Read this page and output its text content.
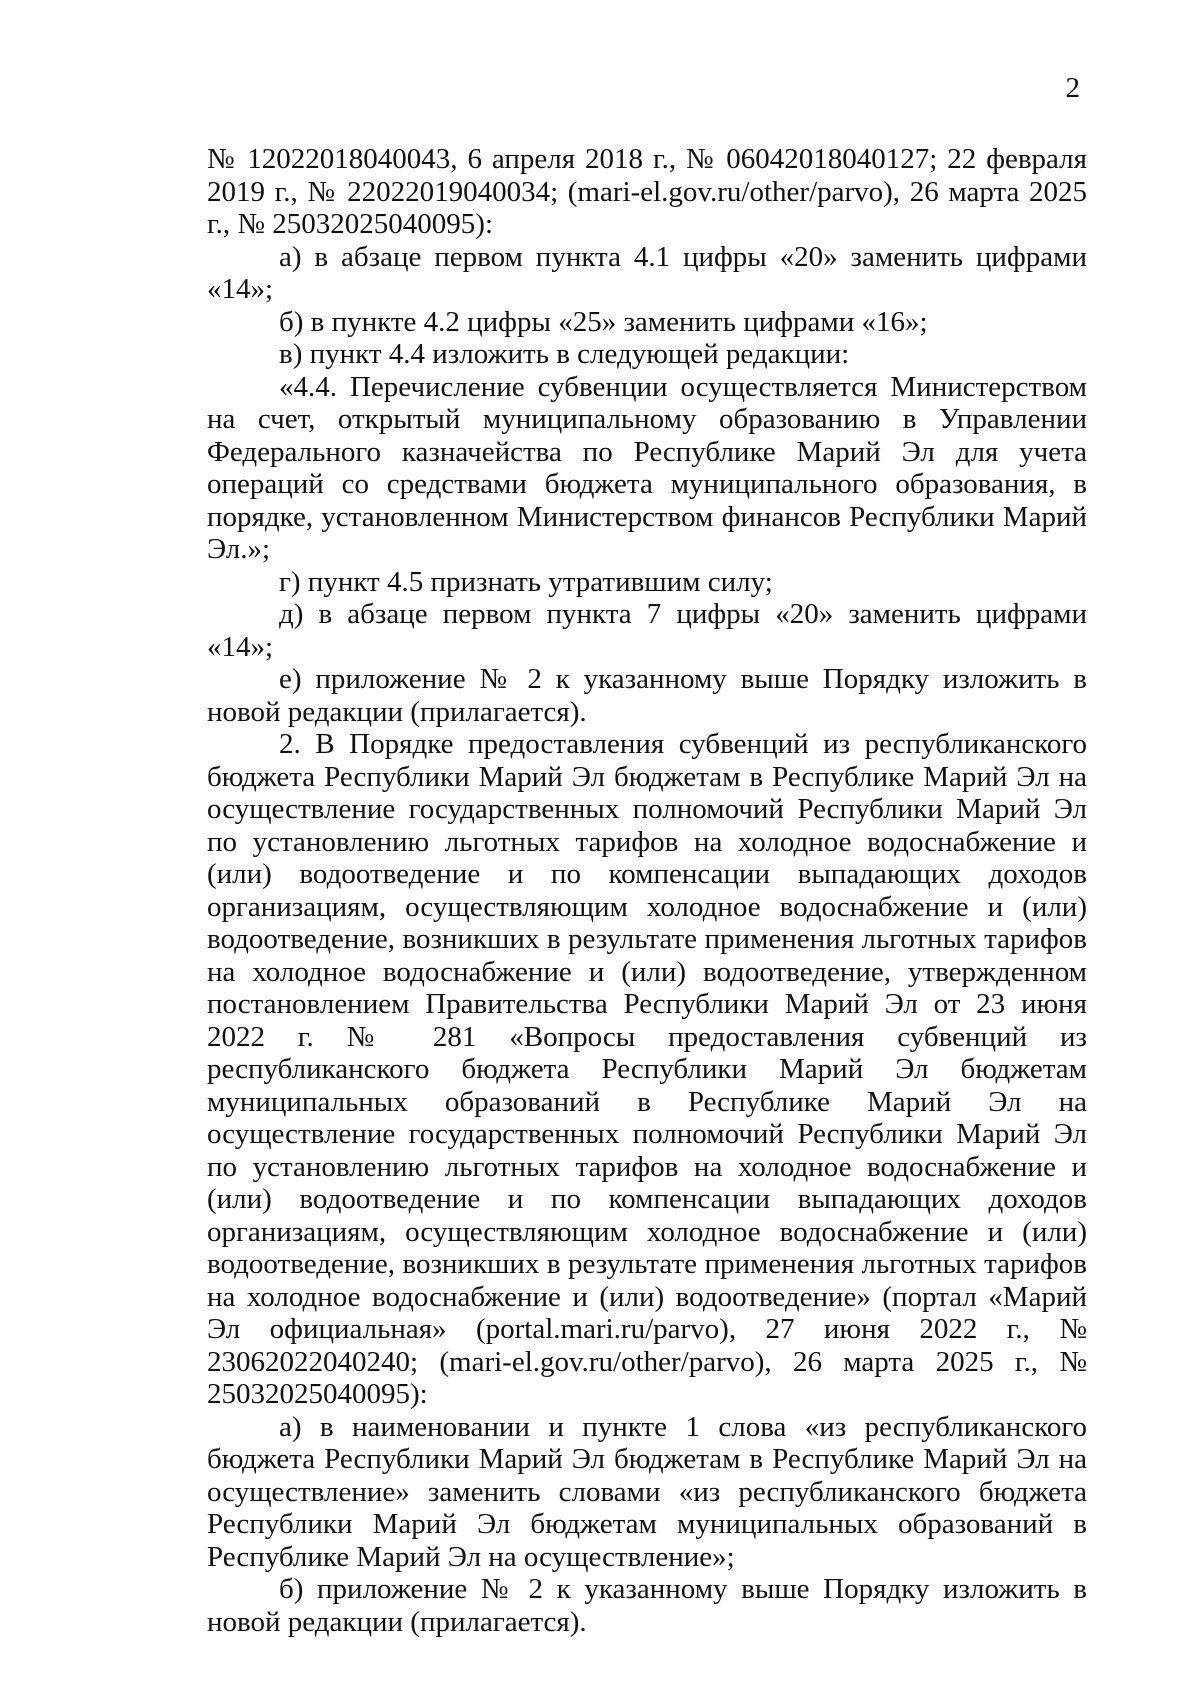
2

№ 12022018040043, 6 апреля 2018 г., № 06042018040127; 22 февраля 2019 г., № 22022019040034; (mari-el.gov.ru/other/parvo), 26 марта 2025 г., № 25032025040095):

а) в абзаце первом пункта 4.1 цифры «20» заменить цифрами «14»;

б) в пункте 4.2 цифры «25» заменить цифрами «16»;

в) пункт 4.4 изложить в следующей редакции:

«4.4. Перечисление субвенции осуществляется Министерством на счет, открытый муниципальному образованию в Управлении Федерального казначейства по Республике Марий Эл для учета операций со средствами бюджета муниципального образования, в порядке, установленном Министерством финансов Республики Марий Эл.»;

г) пункт 4.5 признать утратившим силу;

д) в абзаце первом пункта 7 цифры «20» заменить цифрами «14»;

е) приложение № 2 к указанному выше Порядку изложить в новой редакции (прилагается).

2. В Порядке предоставления субвенций из республиканского бюджета Республики Марий Эл бюджетам в Республике Марий Эл на осуществление государственных полномочий Республики Марий Эл по установлению льготных тарифов на холодное водоснабжение и (или) водоотведение и по компенсации выпадающих доходов организациям, осуществляющим холодное водоснабжение и (или) водоотведение, возникших в результате применения льготных тарифов на холодное водоснабжение и (или) водоотведение, утвержденном постановлением Правительства Республики Марий Эл от 23 июня 2022 г. № 281 «Вопросы предоставления субвенций из республиканского бюджета Республики Марий Эл бюджетам муниципальных образований в Республике Марий Эл на осуществление государственных полномочий Республики Марий Эл по установлению льготных тарифов на холодное водоснабжение и (или) водоотведение и по компенсации выпадающих доходов организациям, осуществляющим холодное водоснабжение и (или) водоотведение, возникших в результате применения льготных тарифов на холодное водоснабжение и (или) водоотведение» (портал «Марий Эл официальная» (portal.mari.ru/parvo), 27 июня 2022 г., № 23062022040240; (mari-el.gov.ru/other/parvo), 26 марта 2025 г., № 25032025040095):

а) в наименовании и пункте 1 слова «из республиканского бюджета Республики Марий Эл бюджетам в Республике Марий Эл на осуществление» заменить словами «из республиканского бюджета Республики Марий Эл бюджетам муниципальных образований в Республике Марий Эл на осуществление»;

б) приложение № 2 к указанному выше Порядку изложить в новой редакции (прилагается).
